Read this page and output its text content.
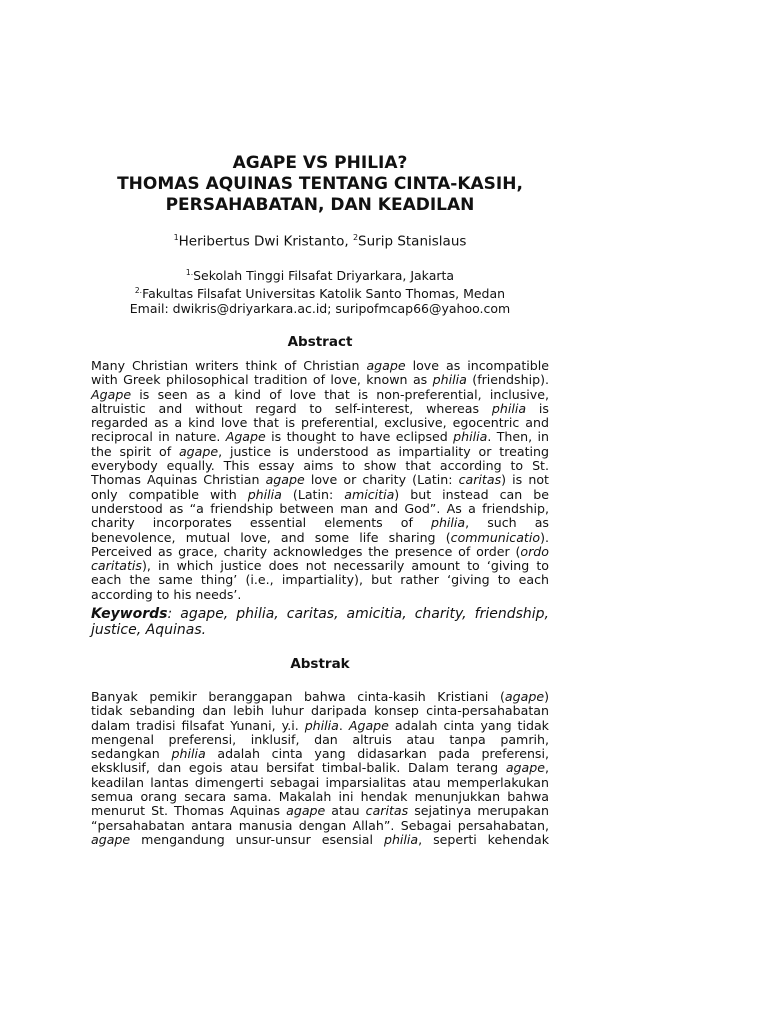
AGAPE VS PHILIA?
THOMAS AQUINAS TENTANG CINTA-KASIH,
PERSAHABATAN, DAN KEADILAN
$^1$Heribertus Dwi Kristanto, $^2$Surip Stanislaus
$^{1.}$Sekolah Tinggi Filsafat Driyarkara, Jakarta
$^{2.}$Fakultas Filsafat Universitas Katolik Santo Thomas, Medan
Email: dwikris@driyarkara.ac.id; suripofmcap66@yahoo.com
Abstract
Many Christian writers think of Christian agape love as incompatible
with Greek philosophical tradition of love, known as philia (friendship).
Agape is seen as a kind of love that is non-preferential, inclusive,
altruistic and without regard to self-interest, whereas philia is
regarded as a kind love that is preferential, exclusive, egocentric and
reciprocal in nature. Agape is thought to have eclipsed philia. Then, in
the spirit of agape, justice is understood as impartiality or treating
everybody equally. This essay aims to show that according to St.
Thomas Aquinas Christian agape love or charity (Latin: caritas) is not
only compatible with philia (Latin: amicitia) but instead can be
understood as “a friendship between man and God”. As a friendship,
charity incorporates essential elements of philia, such as
benevolence, mutual love, and some life sharing (communicatio).
Perceived as grace, charity acknowledges the presence of order (ordo
caritatis), in which justice does not necessarily amount to ‘giving to
each the same thing’ (i.e., impartiality), but rather ‘giving to each
according to his needs’.
Keywords: agape, philia, caritas, amicitia, charity, friendship,
justice, Aquinas.
Abstrak
Banyak pemikir beranggapan bahwa cinta-kasih Kristiani (agape)
tidak sebanding dan lebih luhur daripada konsep cinta-persahabatan
dalam tradisi filsafat Yunani, y.i. philia. Agape adalah cinta yang tidak
mengenal preferensi, inklusif, dan altruis atau tanpa pamrih,
sedangkan philia adalah cinta yang didasarkan pada preferensi,
eksklusif, dan egois atau bersifat timbal-balik. Dalam terang agape,
keadilan lantas dimengerti sebagai imparsialitas atau memperlakukan
semua orang secara sama. Makalah ini hendak menunjukkan bahwa
menurut St. Thomas Aquinas agape atau caritas sejatinya merupakan
“persahabatan antara manusia dengan Allah”. Sebagai persahabatan,
agape mengandung unsur-unsur esensial philia, seperti kehendak
